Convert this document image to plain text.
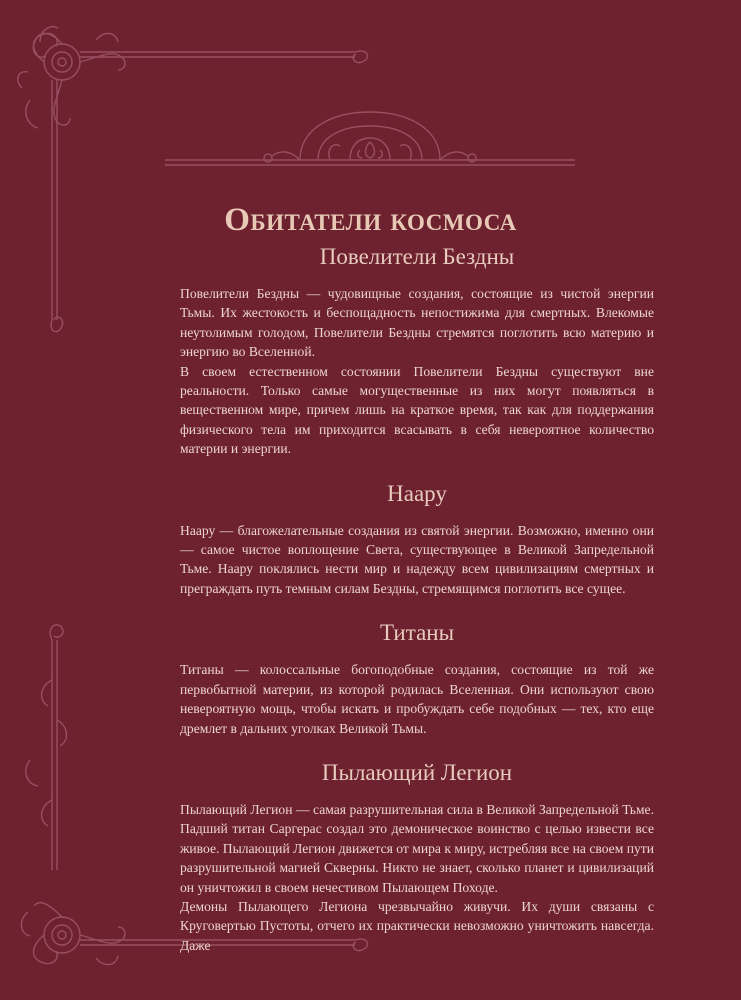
Обитатели космоса
Повелители Бездны

Повелители Бездны — чудовищные создания, состоящие из чистой энергии Тьмы. Их жестокость и беспощадность непостижима для смертных. Влекомые неутолимым голодом, Повелители Бездны стремятся поглотить всю материю и энергию во Вселенной.

В своем естественном состоянии Повелители Бездны существуют вне реальности. Только самые могущественные из них могут появляться в вещественном мире, причем лишь на краткое время, так как для поддержания физического тела им приходится всасывать в себя невероятное количество материи и энергии.

Наару

Наару — благожелательные создания из святой энергии. Возможно, именно они — самое чистое воплощение Света, существующее в Великой Запредельной Тьме. Наару поклялись нести мир и надежду всем цивилизациям смертных и преграждать путь темным силам Бездны, стремящимся поглотить все сущее.

Титаны

Титаны — колоссальные богоподобные создания, состоящие из той же первобытной материи, из которой родилась Вселенная. Они используют свою невероятную мощь, чтобы искать и пробуждать себе подобных — тех, кто еще дремлет в дальних уголках Великой Тьмы.

Пылающий Легион

Пылающий Легион — самая разрушительная сила в Великой Запредельной Тьме. Падший титан Саргерас создал это демоническое воинство с целью извести все живое. Пылающий Легион движется от мира к миру, истребляя все на своем пути разрушительной магией Скверны. Никто не знает, сколько планет и цивилизаций он уничтожил в своем нечестивом Пылающем Походе.

Демоны Пылающего Легиона чрезвычайно живучи. Их души связаны с Круговертью Пустоты, отчего их практически невозможно уничтожить навсегда. Даже
